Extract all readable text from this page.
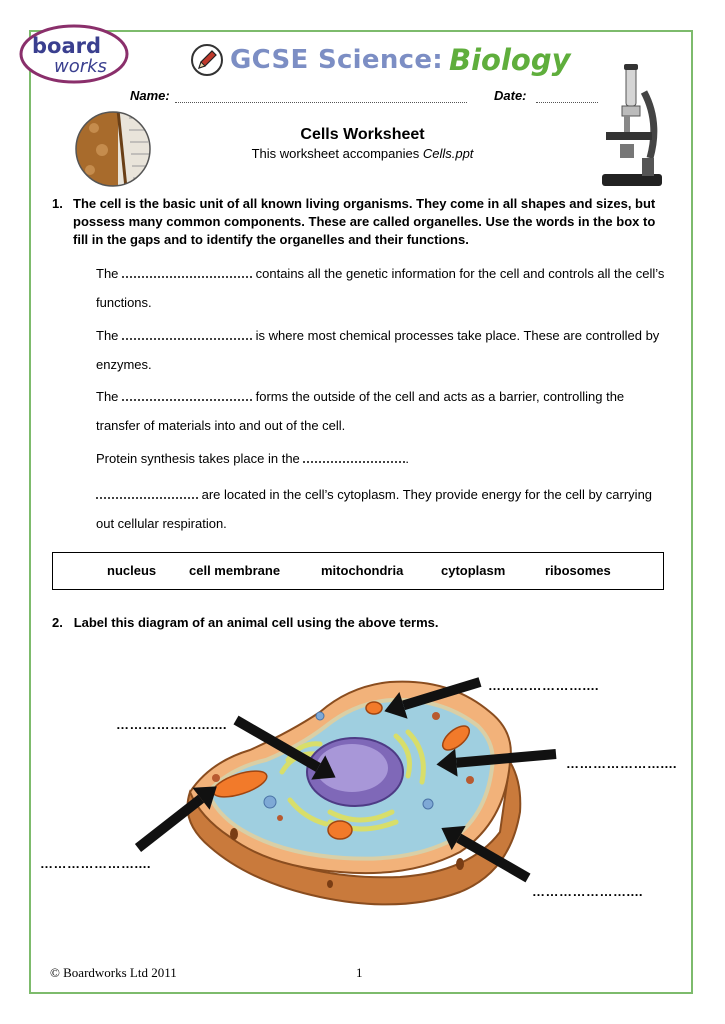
board
works	GCSE Science: Biology
Name:	Date:
Cells Worksheet
This worksheet accompanies Cells.ppt
1. The cell is the basic unit of all known living organisms. They come in all shapes and sizes, but possess many common components. These are called organelles. Use the words in the box to fill in the gaps and to identify the organelles and their functions.
The	contains all the genetic information for the cell and controls all the cell’s functions.
The	is where most chemical processes take place. These are controlled by enzymes.
The	forms the outside of the cell and acts as a barrier, controlling the transfer of materials into and out of the cell.
Protein synthesis takes place in the	.
are located in the cell’s cytoplasm. They provide energy for the cell by carrying out cellular respiration.
nucleus	cell membrane	mitochondria	cytoplasm	ribosomes
2. Label this diagram of an animal cell using the above terms.
…………………....
…………………....
…………………....
…………………....
…………………....
© Boardworks Ltd 2011	1
